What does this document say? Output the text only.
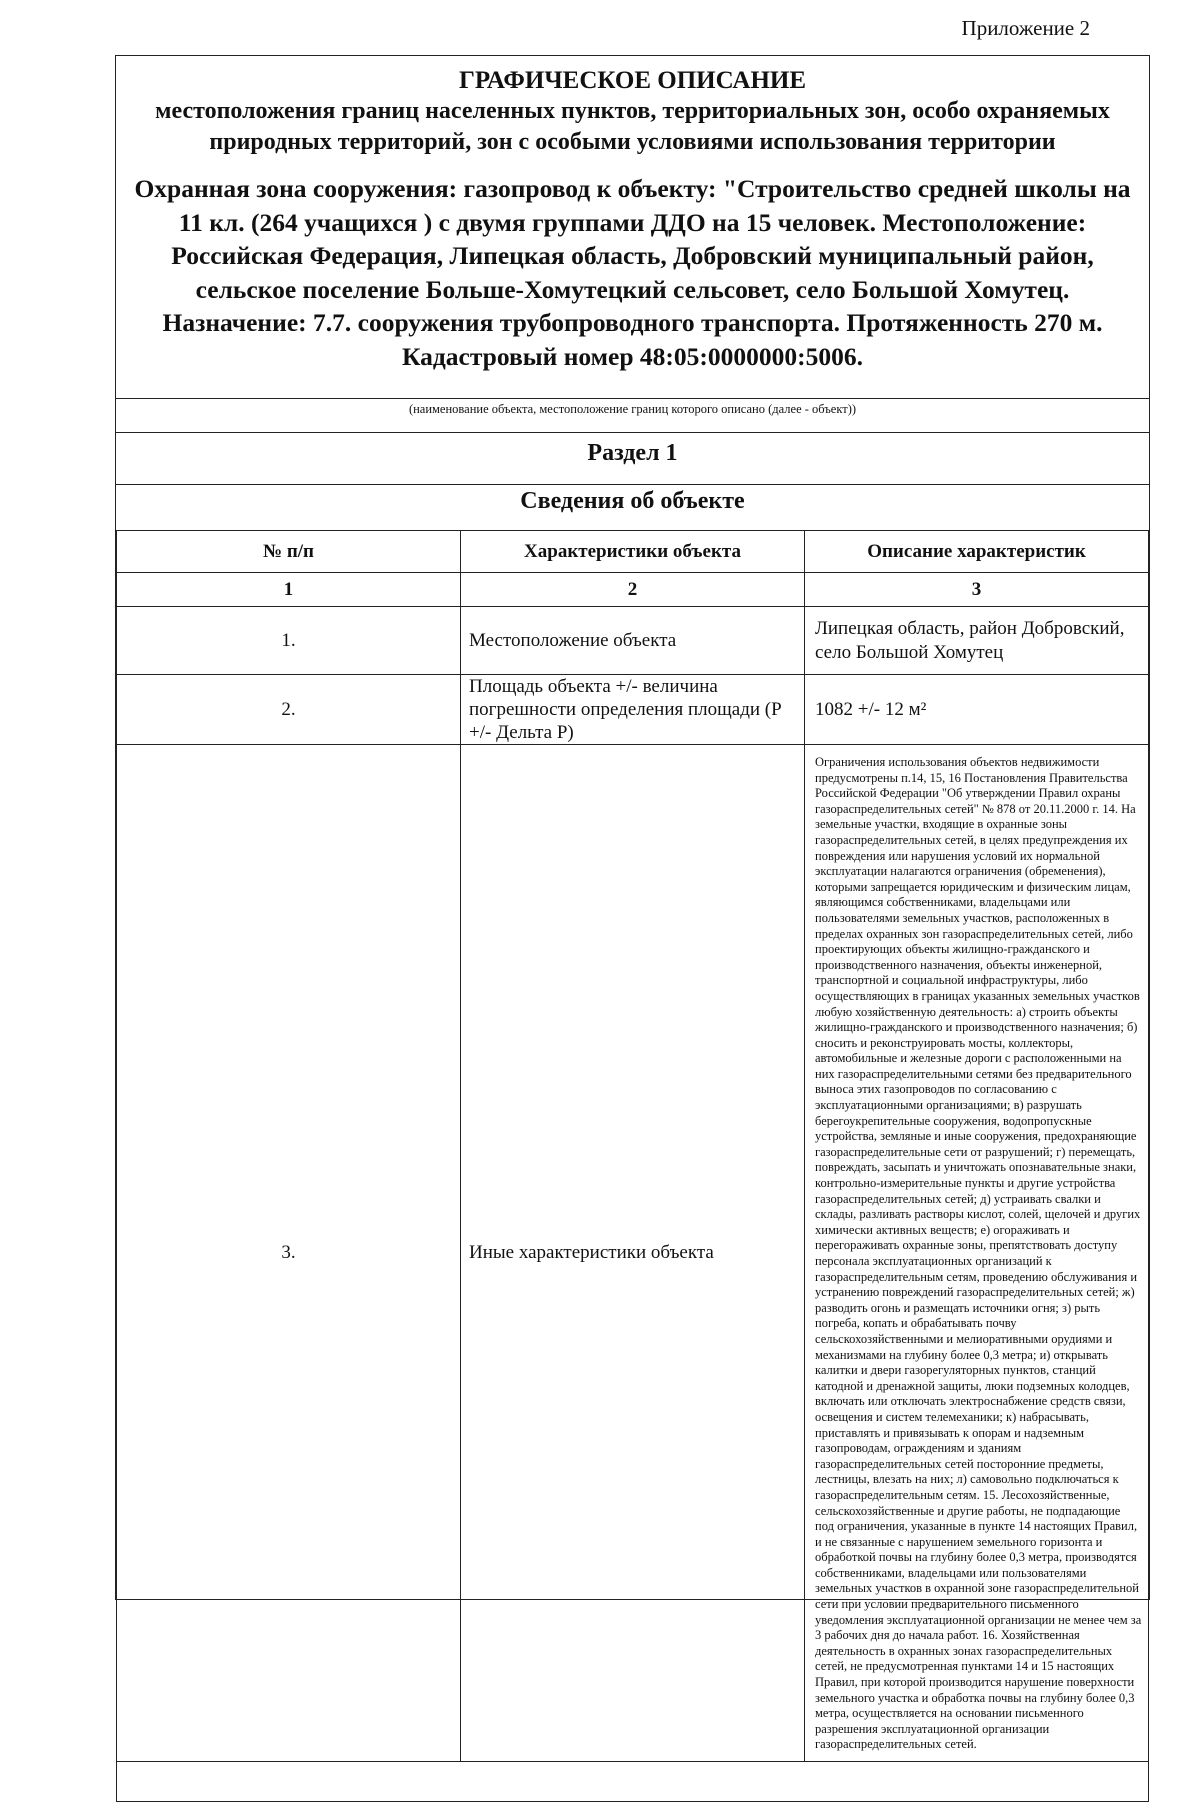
Приложение 2
ГРАФИЧЕСКОЕ ОПИСАНИЕ
местоположения границ населенных пунктов, территориальных зон, особо охраняемых природных территорий, зон с особыми условиями использования территории
Охранная зона сооружения: газопровод к объекту: "Строительство средней школы на 11 кл. (264 учащихся ) с двумя группами ДДО на 15 человек. Местоположение: Российская Федерация, Липецкая область, Добровский муниципальный район, сельское поселение Больше-Хомутецкий сельсовет, село Большой Хомутец. Назначение: 7.7. сооружения трубопроводного транспорта. Протяженность 270 м. Кадастровый номер 48:05:0000000:5006.
(наименование объекта, местоположение границ которого описано (далее - объект))
Раздел 1
Сведения об объекте
№ п/п	Характеристики объекта	Описание характеристик
1	2	3
1.	Местоположение объекта	Липецкая область, район Добровский, село Большой Хомутец
2.	Площадь объекта +/- величина погрешности определения площади (Р +/- Дельта Р)	1082 +/- 12 м²
3.	Иные характеристики объекта	Ограничения использования объектов недвижимости предусмотрены п.14, 15, 16 Постановления Правительства Российской Федерации "Об утверждении Правил охраны газораспределительных сетей" № 878 от 20.11.2000 г. 14. На земельные участки, входящие в охранные зоны газораспределительных сетей, в целях предупреждения их повреждения или нарушения условий их нормальной эксплуатации налагаются ограничения (обременения), которыми запрещается юридическим и физическим лицам, являющимся собственниками, владельцами или пользователями земельных участков, расположенных в пределах охранных зон газораспределительных сетей, либо проектирующих объекты жилищно-гражданского и производственного назначения, объекты инженерной, транспортной и социальной инфраструктуры, либо осуществляющих в границах указанных земельных участков любую хозяйственную деятельность: а) строить объекты жилищно-гражданского и производственного назначения; б) сносить и реконструировать мосты, коллекторы, автомобильные и железные дороги с расположенными на них газораспределительными сетями без предварительного выноса этих газопроводов по согласованию с эксплуатационными организациями; в) разрушать берегоукрепительные сооружения, водопропускные устройства, земляные и иные сооружения, предохраняющие газораспределительные сети от разрушений; г) перемещать, повреждать, засыпать и уничтожать опознавательные знаки, контрольно-измерительные пункты и другие устройства газораспределительных сетей; д) устраивать свалки и склады, разливать растворы кислот, солей, щелочей и других химически активных веществ; е) огораживать и перегораживать охранные зоны, препятствовать доступу персонала эксплуатационных организаций к газораспределительным сетям, проведению обслуживания и устранению повреждений газораспределительных сетей; ж) разводить огонь и размещать источники огня; з) рыть погреба, копать и обрабатывать почву сельскохозяйственными и мелиоративными орудиями и механизмами на глубину более 0,3 метра; и) открывать калитки и двери газорегуляторных пунктов, станций катодной и дренажной защиты, люки подземных колодцев, включать или отключать электроснабжение средств связи, освещения и систем телемеханики; к) набрасывать, приставлять и привязывать к опорам и надземным газопроводам, ограждениям и зданиям газораспределительных сетей посторонние предметы, лестницы, влезать на них; л) самовольно подключаться к газораспределительным сетям. 15. Лесохозяйственные, сельскохозяйственные и другие работы, не подпадающие под ограничения, указанные в пункте 14 настоящих Правил, и не связанные с нарушением земельного горизонта и обработкой почвы на глубину более 0,3 метра, производятся собственниками, владельцами или пользователями земельных участков в охранной зоне газораспределительной сети при условии предварительного письменного уведомления эксплуатационной организации не менее чем за 3 рабочих дня до начала работ. 16. Хозяйственная деятельность в охранных зонах газораспределительных сетей, не предусмотренная пунктами 14 и 15 настоящих Правил, при которой производится нарушение поверхности земельного участка и обработка почвы на глубину более 0,3 метра, осуществляется на основании письменного разрешения эксплуатационной организации газораспределительных сетей.
